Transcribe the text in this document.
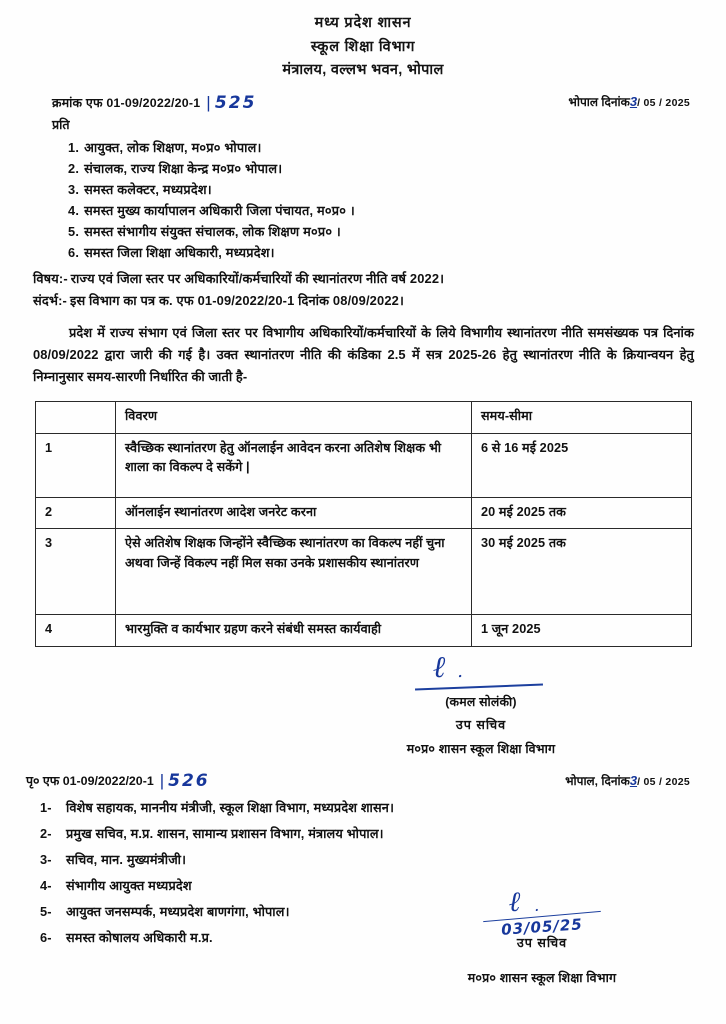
मध्य प्रदेश शासन
स्कूल शिक्षा विभाग
मंत्रालय, वल्लभ भवन, भोपाल
क्रमांक एफ 01-09/2022/20-1 | 525	भोपाल दिनांक3/ 05 / 2025
प्रति
1. आयुक्त, लोक शिक्षण, म०प्र० भोपाल।
2. संचालक, राज्य शिक्षा केन्द्र म०प्र० भोपाल।
3. समस्त कलेक्टर, मध्यप्रदेश।
4. समस्त मुख्य कार्यापालन अधिकारी जिला पंचायत, म०प्र० ।
5. समस्त संभागीय संयुक्त संचालक, लोक शिक्षण म०प्र० ।
6. समस्त जिला शिक्षा अधिकारी, मध्यप्रदेश।
विषय:- राज्य एवं जिला स्तर पर अधिकारियों/कर्मचारियों की स्थानांतरण नीति वर्ष 2022।
संदर्भ:- इस विभाग का पत्र क. एफ 01-09/2022/20-1 दिनांक 08/09/2022।
प्रदेश में राज्य संभाग एवं जिला स्तर पर विभागीय अधिकारियों/कर्मचारियों के लिये विभागीय स्थानांतरण नीति समसंख्यक पत्र दिनांक 08/09/2022 द्वारा जारी की गई है। उक्त स्थानांतरण नीति की कंडिका 2.5 में सत्र 2025-26 हेतु स्थानांतरण नीति के क्रियान्वयन हेतु निम्नानुसार समय-सारणी निर्धारित की जाती है-
	विवरण	समय-सीमा
1	स्वैच्छिक स्थानांतरण हेतु ऑनलाईन आवेदन करना अतिशेष शिक्षक भी शाला का विकल्प दे सकेंगे |	6 से 16 मई 2025
2	ऑनलाईन स्थानांतरण आदेश जनरेट करना	20 मई 2025 तक
3	ऐसे अतिशेष शिक्षक जिन्होंने स्वैच्छिक स्थानांतरण का विकल्प नहीं चुना अथवा जिन्हें विकल्प नहीं मिल सका उनके प्रशासकीय स्थानांतरण	30 मई 2025 तक
4	भारमुक्ति व कार्यभार ग्रहण करने संबंधी समस्त कार्यवाही	1 जून 2025
ℓ .
(कमल सोलंकी)
उप सचिव
म०प्र० शासन स्कूल शिक्षा विभाग
पृ० एफ 01-09/2022/20-1 | 526	भोपाल, दिनांक3/ 05 / 2025
1- विशेष सहायक, माननीय मंत्रीजी, स्कूल शिक्षा विभाग, मध्यप्रदेश शासन।
2- प्रमुख सचिव, म.प्र. शासन, सामान्य प्रशासन विभाग, मंत्रालय भोपाल।
3- सचिव, मान. मुख्यमंत्रीजी।
4- संभागीय आयुक्त मध्यप्रदेश
5- आयुक्त जनसम्पर्क, मध्यप्रदेश बाणगंगा, भोपाल।
6- समस्त कोषालय अधिकारी म.प्र.
ℓ .
03/05/25
उप सचिव
म०प्र० शासन स्कूल शिक्षा विभाग
